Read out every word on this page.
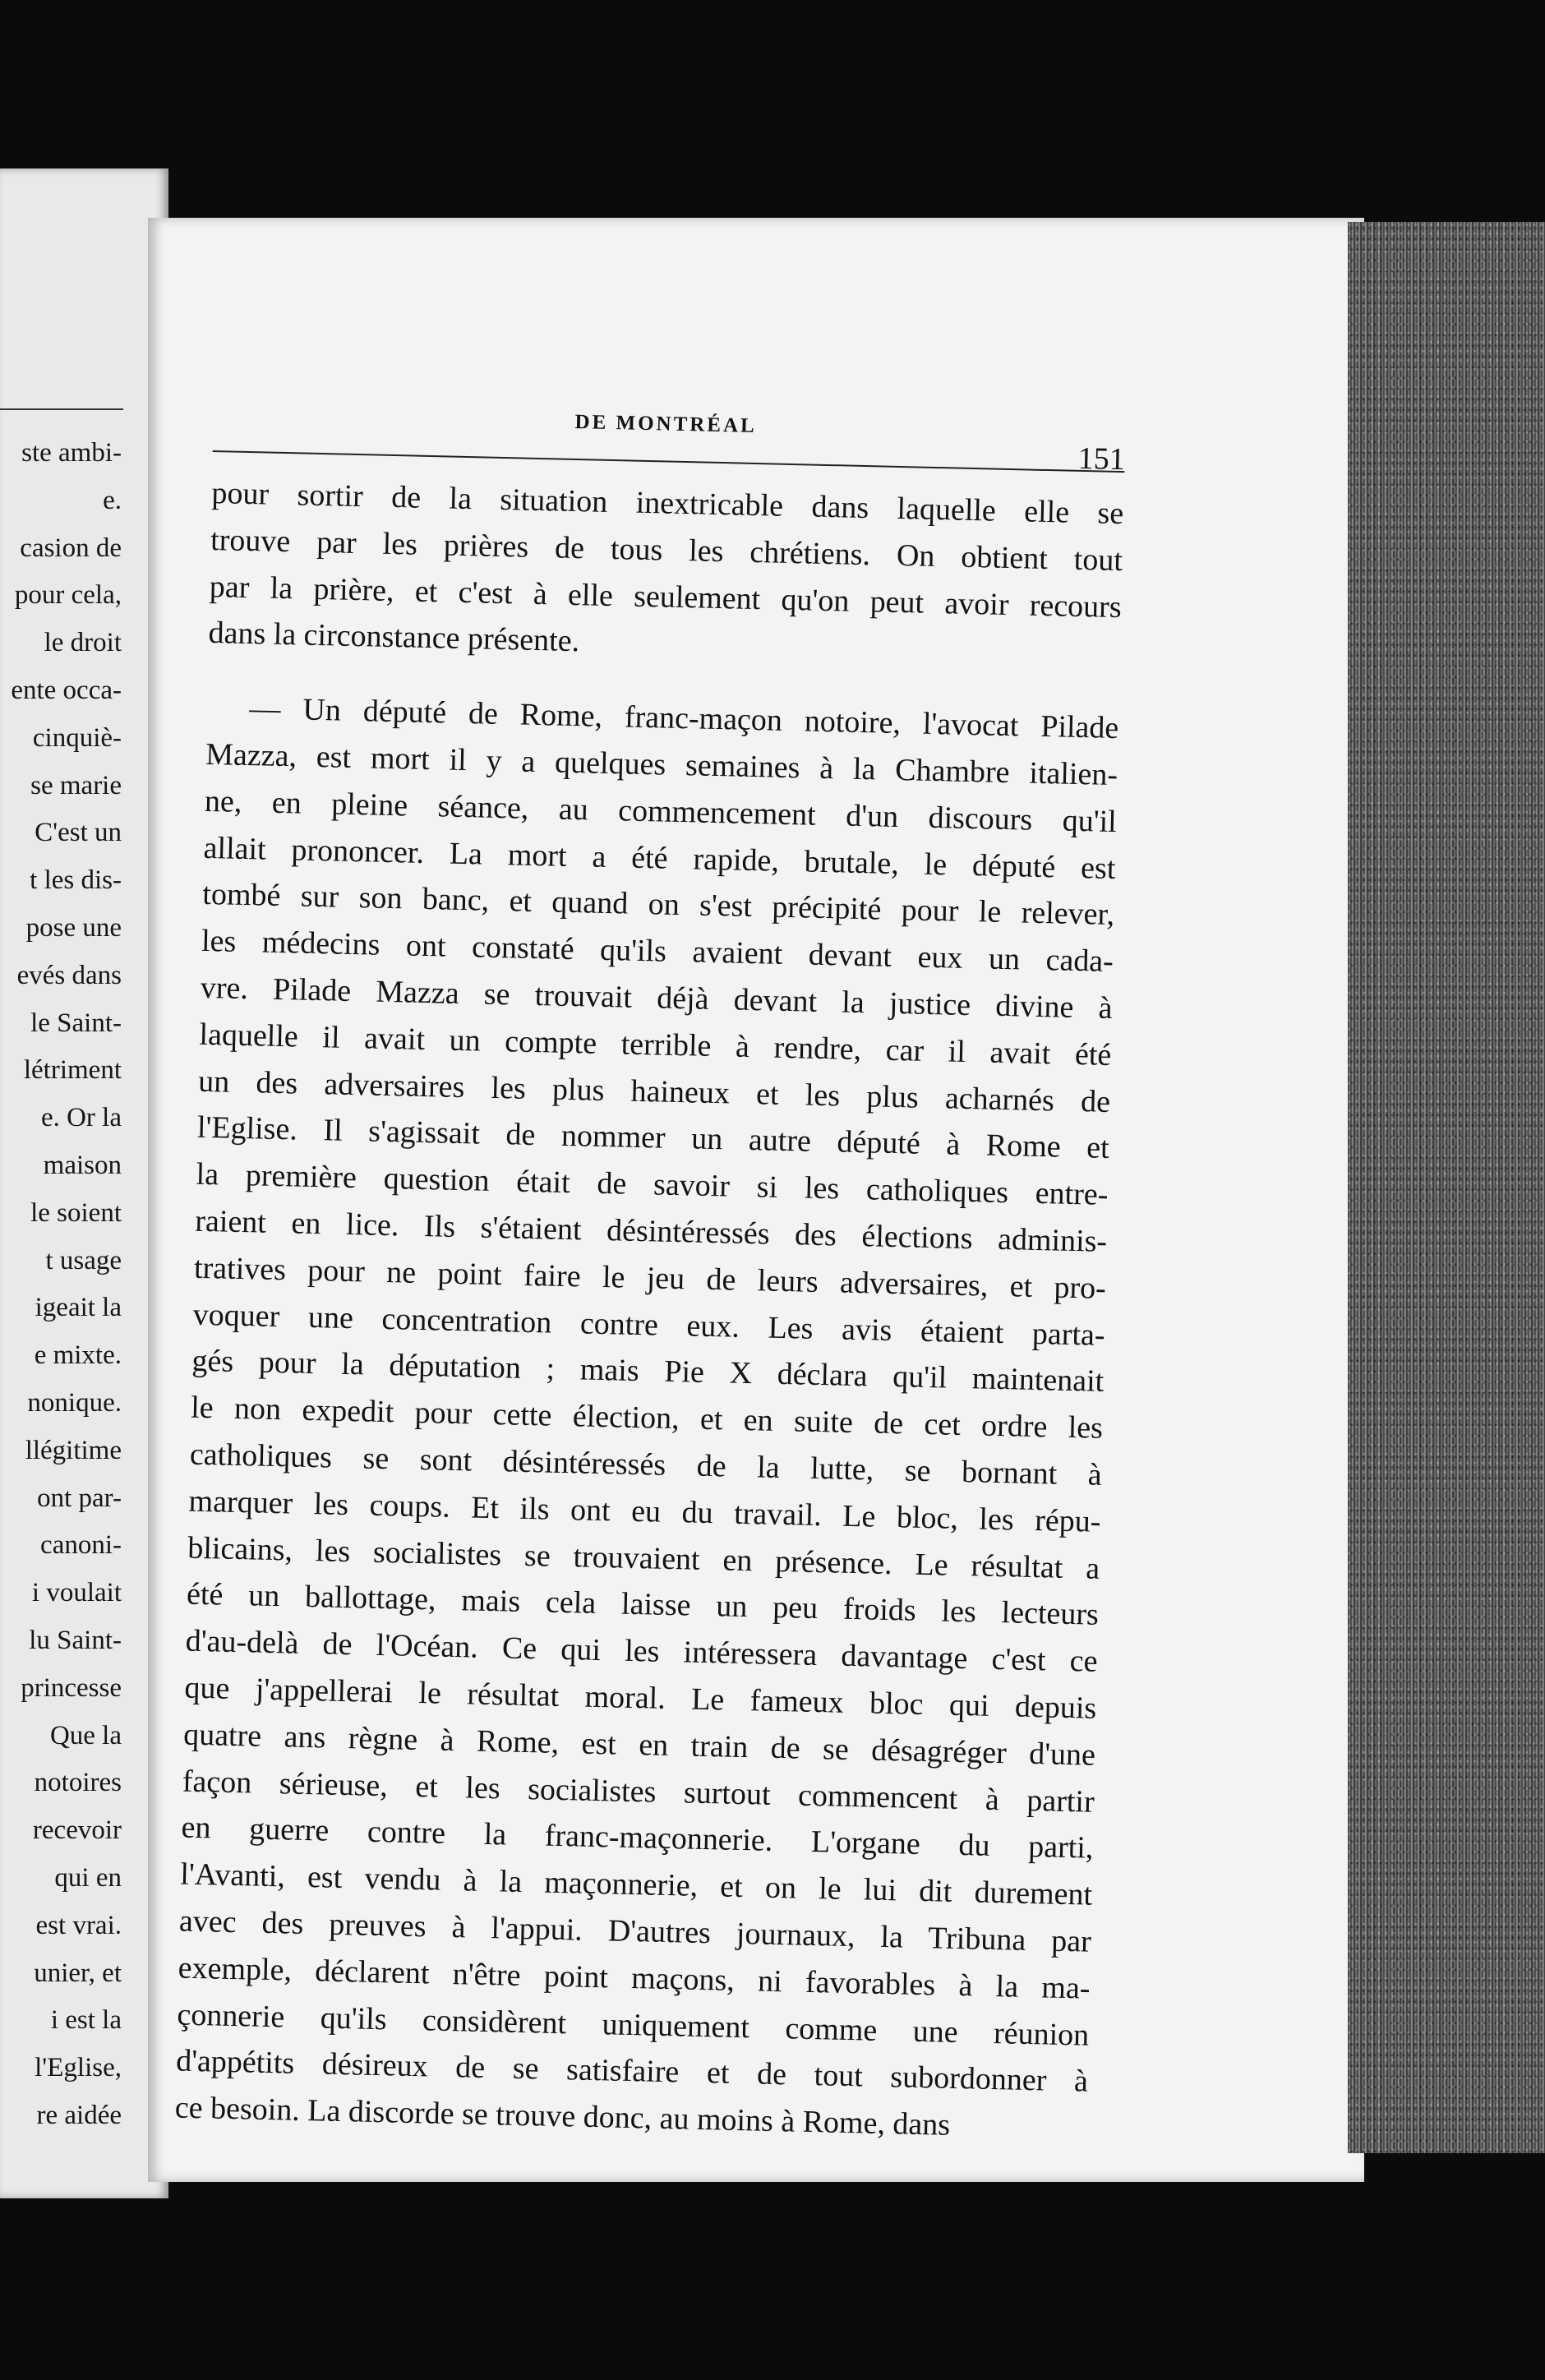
ste ambi-
e.
casion de
pour cela,
le droit
ente occa-
cinquiè-
se marie
C'est un
t les dis-
pose une
evés dans
le Saint-
létriment
e. Or la
maison
le soient
t usage
igeait la
e mixte.
nonique.
llégitime
ont par-
canoni-
i voulait
lu Saint-
princesse
Que la
notoires
recevoir
qui en
est vrai.
unier, et
i est la
l'Eglise,
re aidée
DE MONTRÉAL
151
pour sortir de la situation inextricable dans laquelle elle se
trouve par les prières de tous les chrétiens. On obtient tout
par la prière, et c'est à elle seulement qu'on peut avoir recours
dans la circonstance présente.
— Un député de Rome, franc-maçon notoire, l'avocat Pilade
Mazza, est mort il y a quelques semaines à la Chambre italien-
ne, en pleine séance, au commencement d'un discours qu'il
allait prononcer. La mort a été rapide, brutale, le député est
tombé sur son banc, et quand on s'est précipité pour le relever,
les médecins ont constaté qu'ils avaient devant eux un cada-
vre. Pilade Mazza se trouvait déjà devant la justice divine à
laquelle il avait un compte terrible à rendre, car il avait été
un des adversaires les plus haineux et les plus acharnés de
l'Eglise. Il s'agissait de nommer un autre député à Rome et
la première question était de savoir si les catholiques entre-
raient en lice. Ils s'étaient désintéressés des élections adminis-
tratives pour ne point faire le jeu de leurs adversaires, et pro-
voquer une concentration contre eux. Les avis étaient parta-
gés pour la députation ; mais Pie X déclara qu'il maintenait
le non expedit pour cette élection, et en suite de cet ordre les
catholiques se sont désintéressés de la lutte, se bornant à
marquer les coups. Et ils ont eu du travail. Le bloc, les répu-
blicains, les socialistes se trouvaient en présence. Le résultat a
été un ballottage, mais cela laisse un peu froids les lecteurs
d'au-delà de l'Océan. Ce qui les intéressera davantage c'est ce
que j'appellerai le résultat moral. Le fameux bloc qui depuis
quatre ans règne à Rome, est en train de se désagréger d'une
façon sérieuse, et les socialistes surtout commencent à partir
en guerre contre la franc-maçonnerie. L'organe du parti,
l'Avanti, est vendu à la maçonnerie, et on le lui dit durement
avec des preuves à l'appui. D'autres journaux, la Tribuna par
exemple, déclarent n'être point maçons, ni favorables à la ma-
çonnerie qu'ils considèrent uniquement comme une réunion
d'appétits désireux de se satisfaire et de tout subordonner à
ce besoin. La discorde se trouve donc, au moins à Rome, dans
